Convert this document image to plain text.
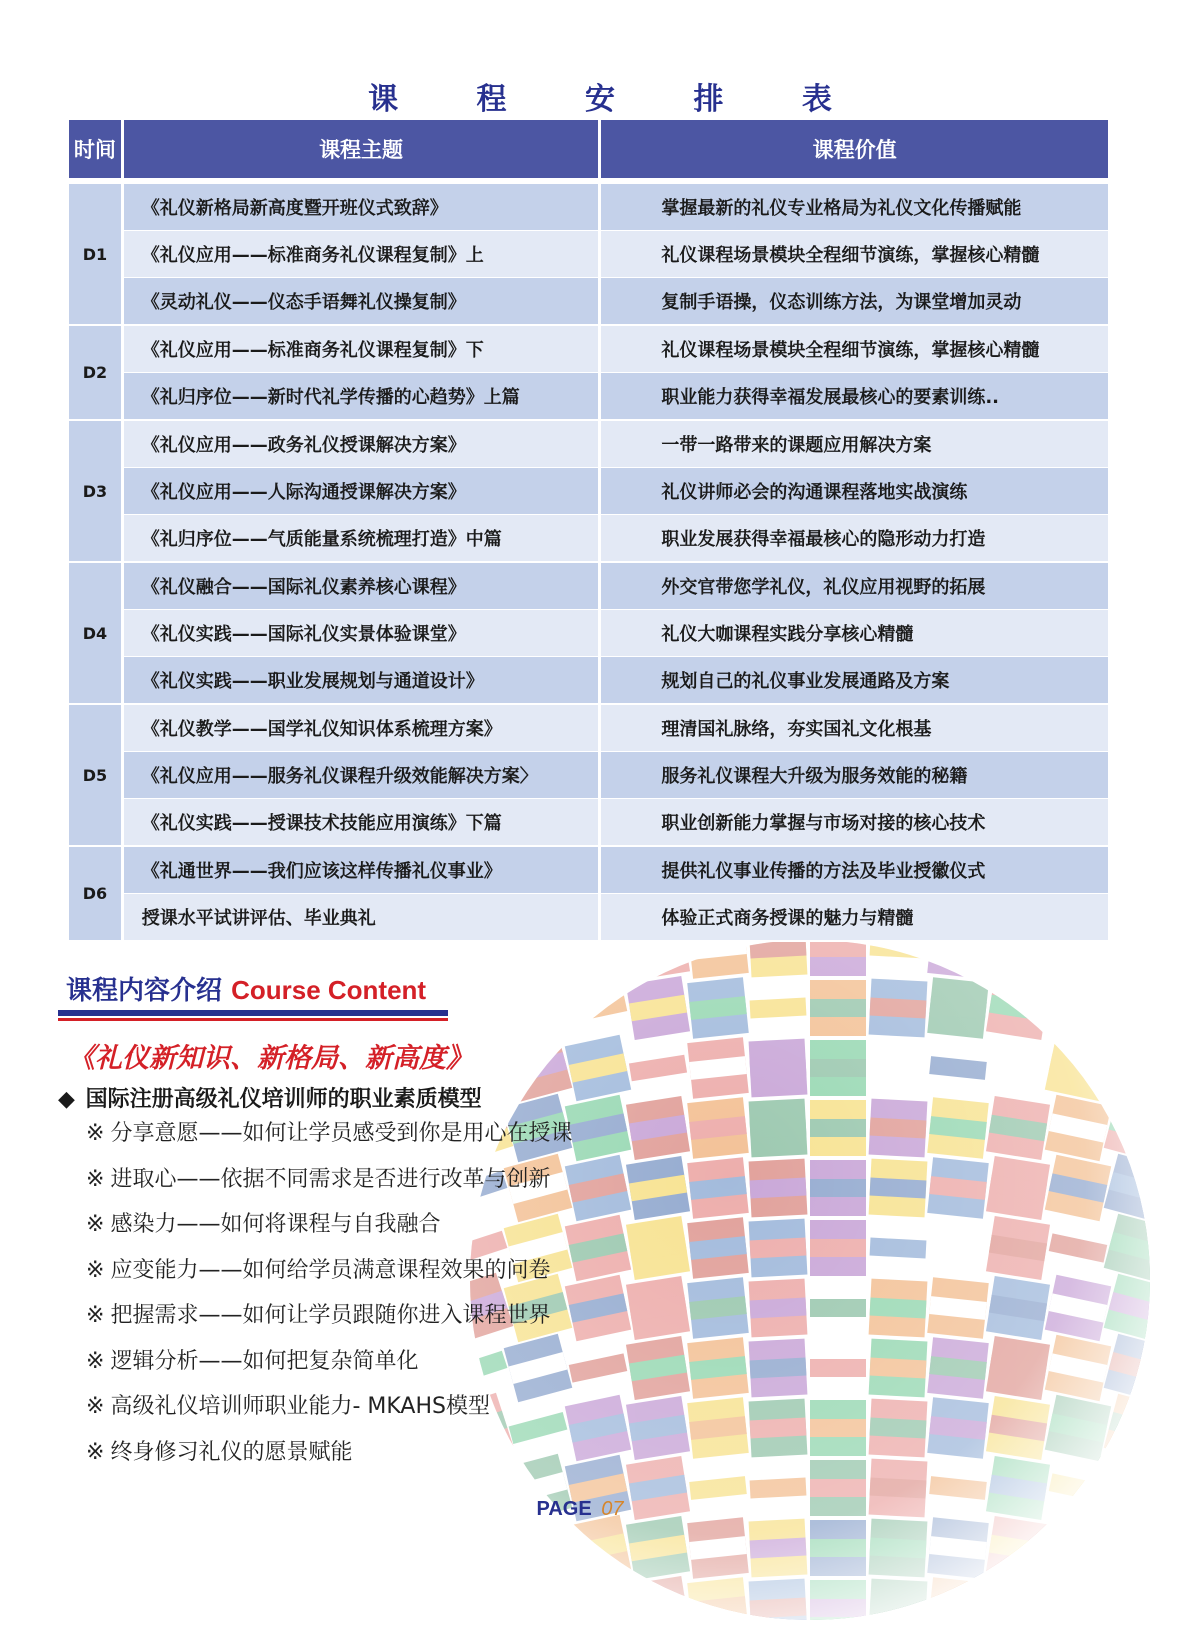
课 程 安 排 表
时间	课程主题	课程价值
D1	《礼仪新格局新高度暨开班仪式致辞》	掌握最新的礼仪专业格局为礼仪文化传播赋能
	《礼仪应用——标准商务礼仪课程复制》上	礼仪课程场景模块全程细节演练，掌握核心精髓
	《灵动礼仪——仪态手语舞礼仪操复制》	复制手语操，仪态训练方法，为课堂增加灵动
D2	《礼仪应用——标准商务礼仪课程复制》下	礼仪课程场景模块全程细节演练，掌握核心精髓
	《礼归序位——新时代礼学传播的心趋势》上篇	职业能力获得幸福发展最核心的要素训练..
D3	《礼仪应用——政务礼仪授课解决方案》	一带一路带来的课题应用解决方案
	《礼仪应用——人际沟通授课解决方案》	礼仪讲师必会的沟通课程落地实战演练
	《礼归序位——气质能量系统梳理打造》中篇	职业发展获得幸福最核心的隐形动力打造
D4	《礼仪融合——国际礼仪素养核心课程》	外交官带您学礼仪，礼仪应用视野的拓展
	《礼仪实践——国际礼仪实景体验课堂》	礼仪大咖课程实践分享核心精髓
	《礼仪实践——职业发展规划与通道设计》	规划自己的礼仪事业发展通路及方案
D5	《礼仪教学——国学礼仪知识体系梳理方案》	理清国礼脉络，夯实国礼文化根基
	《礼仪应用——服务礼仪课程升级效能解决方案〉	服务礼仪课程大升级为服务效能的秘籍
	《礼仪实践——授课技术技能应用演练》下篇	职业创新能力掌握与市场对接的核心技术
D6	《礼通世界——我们应该这样传播礼仪事业》	提供礼仪事业传播的方法及毕业授徽仪式
	授课水平试讲评估、毕业典礼	体验正式商务授课的魅力与精髓
课程内容介绍 Course Content
《礼仪新知识、新格局、新高度》
◆ 国际注册高级礼仪培训师的职业素质模型
※ 分享意愿——如何让学员感受到你是用心在授课
※ 进取心——依据不同需求是否进行改革与创新
※ 感染力——如何将课程与自我融合
※ 应变能力——如何给学员满意课程效果的问卷
※ 把握需求——如何让学员跟随你进入课程世界
※ 逻辑分析——如何把复杂简单化
※ 高级礼仪培训师职业能力- MKAHS模型
※ 终身修习礼仪的愿景赋能
PAGE 07
